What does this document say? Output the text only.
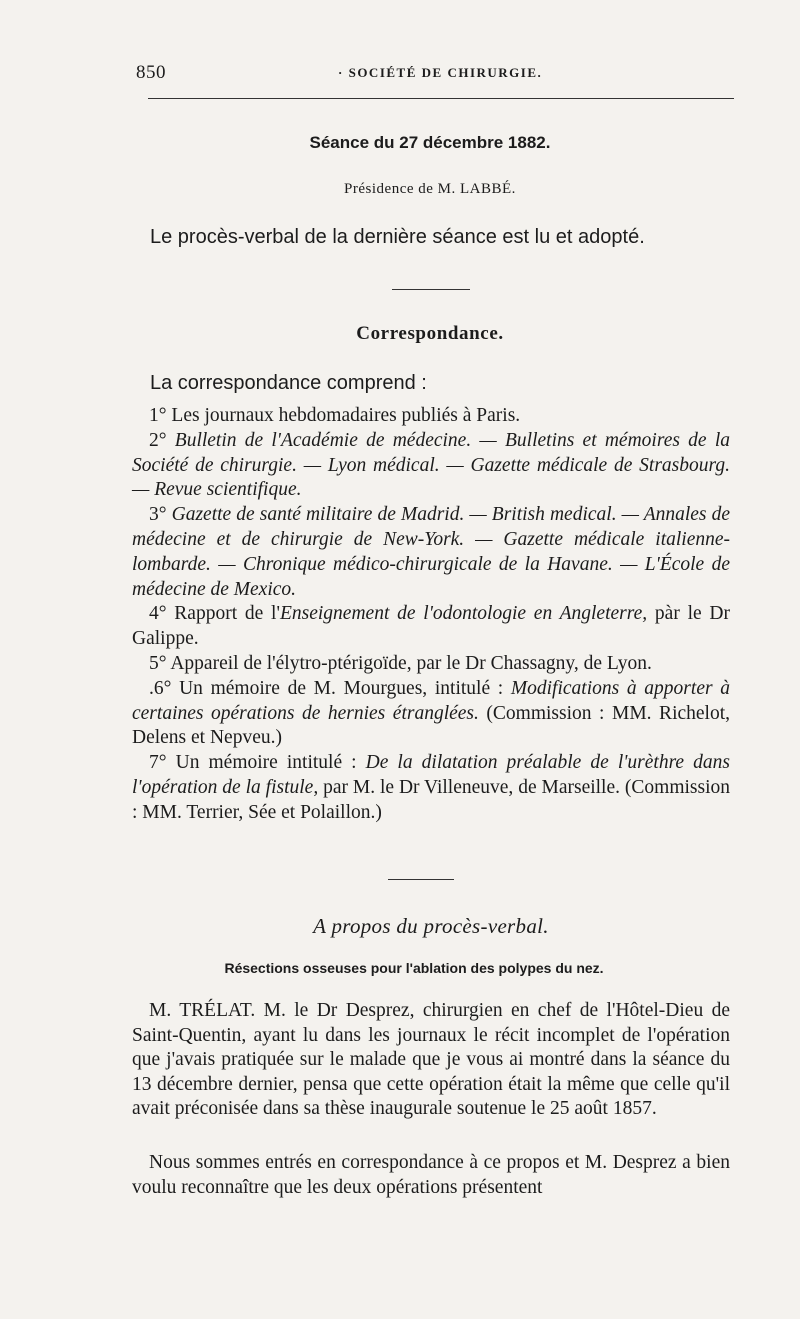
850	· SOCIÉTÉ DE CHIRURGIE.
Séance du 27 décembre 1882.
Présidence de M. LABBÉ.
Le procès-verbal de la dernière séance est lu et adopté.
Correspondance.
La correspondance comprend :

1° Les journaux hebdomadaires publiés à Paris.

2° Bulletin de l'Académie de médecine. — Bulletins et mémoires de la Société de chirurgie. — Lyon médical. — Gazette médicale de Strasbourg. — Revue scientifique.

3° Gazette de santé militaire de Madrid. — British medical. — Annales de médecine et de chirurgie de New-York. — Gazette médicale italienne-lombarde. — Chronique médico-chirurgicale de la Havane. — L'École de médecine de Mexico.

4° Rapport de l'Enseignement de l'odontologie en Angleterre, pàr le Dr Galippe.

5° Appareil de l'élytro-ptérigoïde, par le Dr Chassagny, de Lyon.

.6° Un mémoire de M. Mourgues, intitulé : Modifications à apporter à certaines opérations de hernies étranglées. (Commission : MM. Richelot, Delens et Nepveu.)

7° Un mémoire intitulé : De la dilatation préalable de l'urèthre dans l'opération de la fistule, par M. le Dr Villeneuve, de Marseille. (Commission : MM. Terrier, Sée et Polaillon.)

A propos du procès-verbal.
Résections osseuses pour l'ablation des polypes du nez.

M. TRÉLAT. M. le Dr Desprez, chirurgien en chef de l'Hôtel-Dieu de Saint-Quentin, ayant lu dans les journaux le récit incomplet de l'opération que j'avais pratiquée sur le malade que je vous ai montré dans la séance du 13 décembre dernier, pensa que cette opération était la même que celle qu'il avait préconisée dans sa thèse inaugurale soutenue le 25 août 1857.

Nous sommes entrés en correspondance à ce propos et M. Desprez a bien voulu reconnaître que les deux opérations présentent
